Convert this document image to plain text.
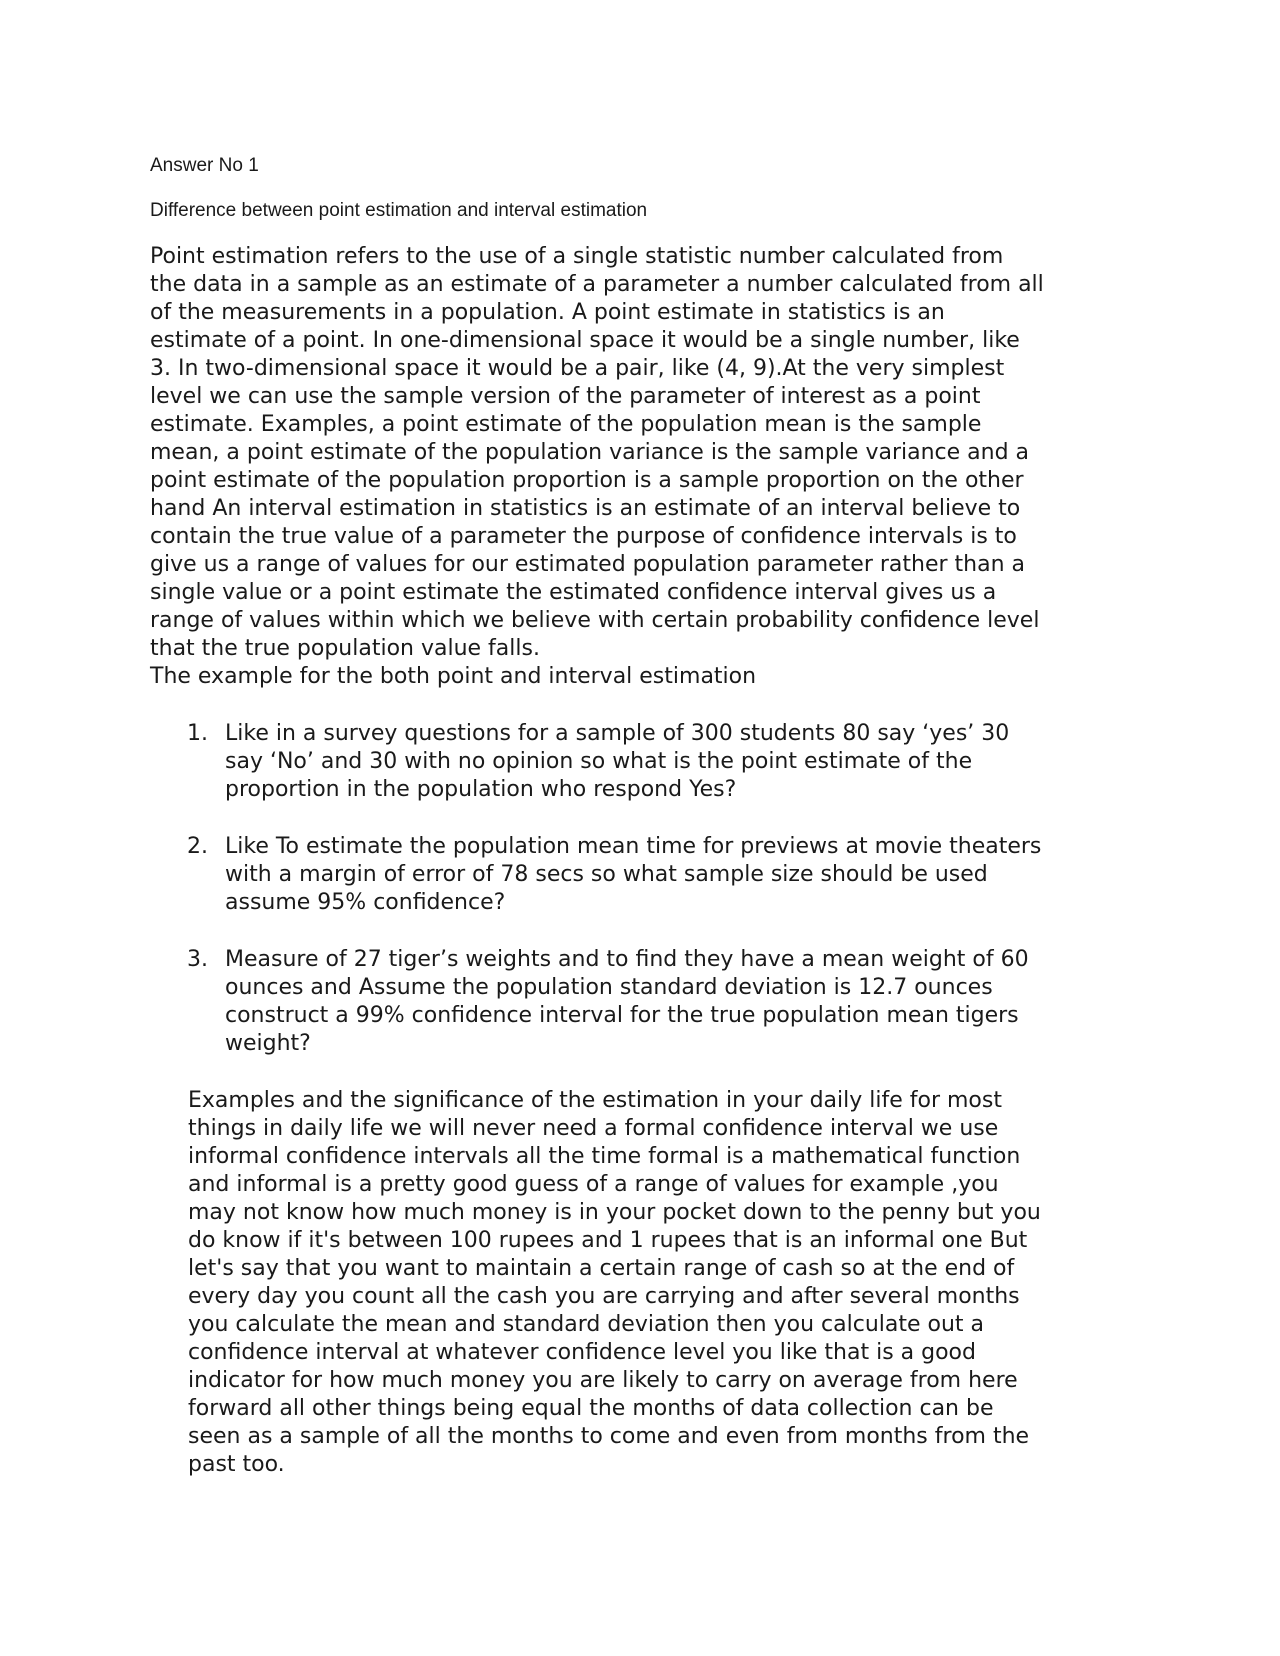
Answer No 1
Difference between point estimation and interval estimation
Point estimation refers to the use of a single statistic number calculated from
the data in a sample as an estimate of a parameter a number calculated from all
of the measurements in a population. A point estimate in statistics is an
estimate of a point. In one-dimensional space it would be a single number, like
3. In two-dimensional space it would be a pair, like (4, 9).At the very simplest
level we can use the sample version of the parameter of interest as a point
estimate. Examples, a point estimate of the population mean is the sample
mean, a point estimate of the population variance is the sample variance and a
point estimate of the population proportion is a sample proportion on the other
hand An interval estimation in statistics is an estimate of an interval believe to
contain the true value of a parameter the purpose of confidence intervals is to
give us a range of values for our estimated population parameter rather than a
single value or a point estimate the estimated confidence interval gives us a
range of values within which we believe with certain probability confidence level
that the true population value falls.
The example for the both point and interval estimation
1. Like in a survey questions for a sample of 300 students 80 say ‘yes’ 30
say ‘No’ and 30 with no opinion so what is the point estimate of the
proportion in the population who respond Yes?
2. Like To estimate the population mean time for previews at movie theaters
with a margin of error of 78 secs so what sample size should be used
assume 95% confidence?
3. Measure of 27 tiger’s weights and to find they have a mean weight of 60
ounces and Assume the population standard deviation is 12.7 ounces
construct a 99% confidence interval for the true population mean tigers
weight?
Examples and the significance of the estimation in your daily life for most
things in daily life we will never need a formal confidence interval we use
informal confidence intervals all the time formal is a mathematical function
and informal is a pretty good guess of a range of values for example ,you
may not know how much money is in your pocket down to the penny but you
do know if it's between 100 rupees and 1 rupees that is an informal one But
let's say that you want to maintain a certain range of cash so at the end of
every day you count all the cash you are carrying and after several months
you calculate the mean and standard deviation then you calculate out a
confidence interval at whatever confidence level you like that is a good
indicator for how much money you are likely to carry on average from here
forward all other things being equal the months of data collection can be
seen as a sample of all the months to come and even from months from the
past too.
